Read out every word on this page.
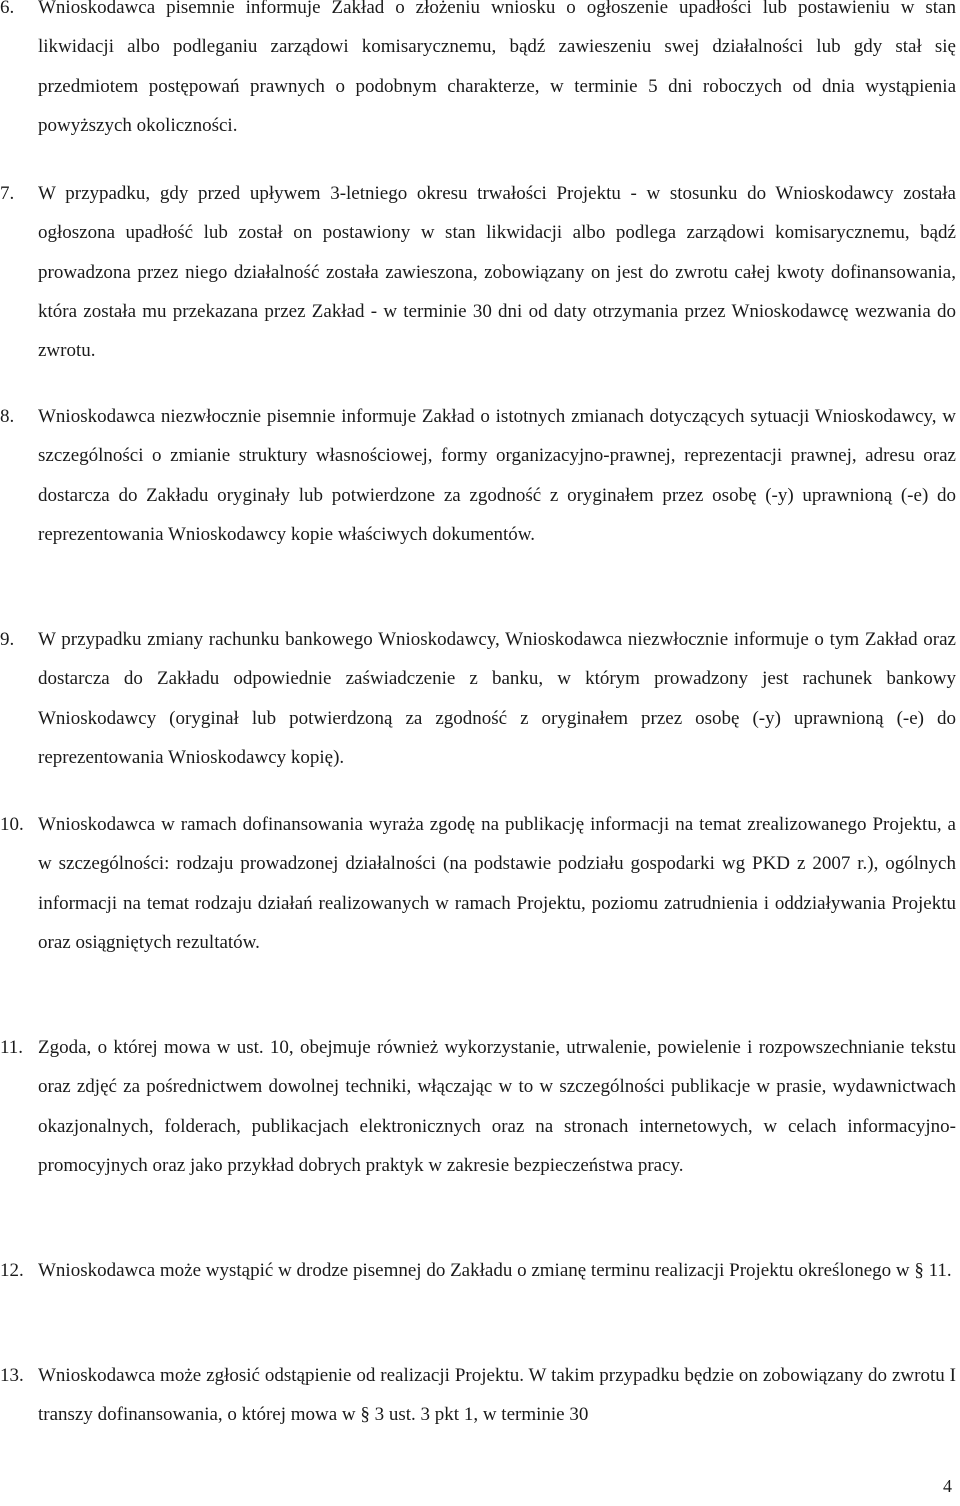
6.	Wnioskodawca pisemnie informuje Zakład o złożeniu wniosku o ogłoszenie upadłości lub postawieniu w stan likwidacji albo podleganiu zarządowi komisarycznemu, bądź zawieszeniu swej działalności lub gdy stał się przedmiotem postępowań prawnych o podobnym charakterze, w terminie 5 dni roboczych od dnia wystąpienia powyższych okoliczności.
7.	W przypadku, gdy przed upływem 3-letniego okresu trwałości Projektu - w stosunku do Wnioskodawcy została ogłoszona upadłość lub został on postawiony w stan likwidacji albo podlega zarządowi komisarycznemu, bądź prowadzona przez niego działalność została zawieszona, zobowiązany on jest do zwrotu całej kwoty dofinansowania, która została mu przekazana przez Zakład - w terminie 30 dni od daty otrzymania przez Wnioskodawcę wezwania do zwrotu.
8.	Wnioskodawca niezwłocznie pisemnie informuje Zakład o istotnych zmianach dotyczących sytuacji Wnioskodawcy, w szczególności o zmianie struktury własnościowej, formy organizacyjno-prawnej, reprezentacji prawnej, adresu oraz dostarcza do Zakładu oryginały lub potwierdzone za zgodność z oryginałem przez osobę (-y) uprawnioną (-e) do reprezentowania Wnioskodawcy kopie właściwych dokumentów.
9.	W przypadku zmiany rachunku bankowego Wnioskodawcy, Wnioskodawca niezwłocznie informuje o tym Zakład oraz dostarcza do Zakładu odpowiednie zaświadczenie z banku, w którym prowadzony jest rachunek bankowy Wnioskodawcy (oryginał lub potwierdzoną za zgodność z oryginałem przez osobę (-y) uprawnioną (-e) do reprezentowania Wnioskodawcy kopię).
10. Wnioskodawca w ramach dofinansowania wyraża zgodę na publikację informacji na temat zrealizowanego Projektu, a w szczególności: rodzaju prowadzonej działalności (na podstawie podziału gospodarki wg PKD z 2007 r.), ogólnych informacji na temat rodzaju działań realizowanych w ramach Projektu, poziomu zatrudnienia i oddziaływania Projektu oraz osiągniętych rezultatów.
11. Zgoda, o której mowa w ust. 10, obejmuje również wykorzystanie, utrwalenie, powielenie i rozpowszechnianie tekstu oraz zdjęć za pośrednictwem dowolnej techniki, włączając w to w szczególności publikacje w prasie, wydawnictwach okazjonalnych, folderach, publikacjach elektronicznych oraz na stronach internetowych, w celach informacyjno-promocyjnych oraz jako przykład dobrych praktyk w zakresie bezpieczeństwa pracy.
12. Wnioskodawca może wystąpić w drodze pisemnej do Zakładu o zmianę terminu realizacji Projektu określonego w § 11.
13. Wnioskodawca może zgłosić odstąpienie od realizacji Projektu. W takim przypadku będzie on zobowiązany do zwrotu I transzy dofinansowania, o której mowa w § 3 ust. 3 pkt 1, w terminie 30
4
